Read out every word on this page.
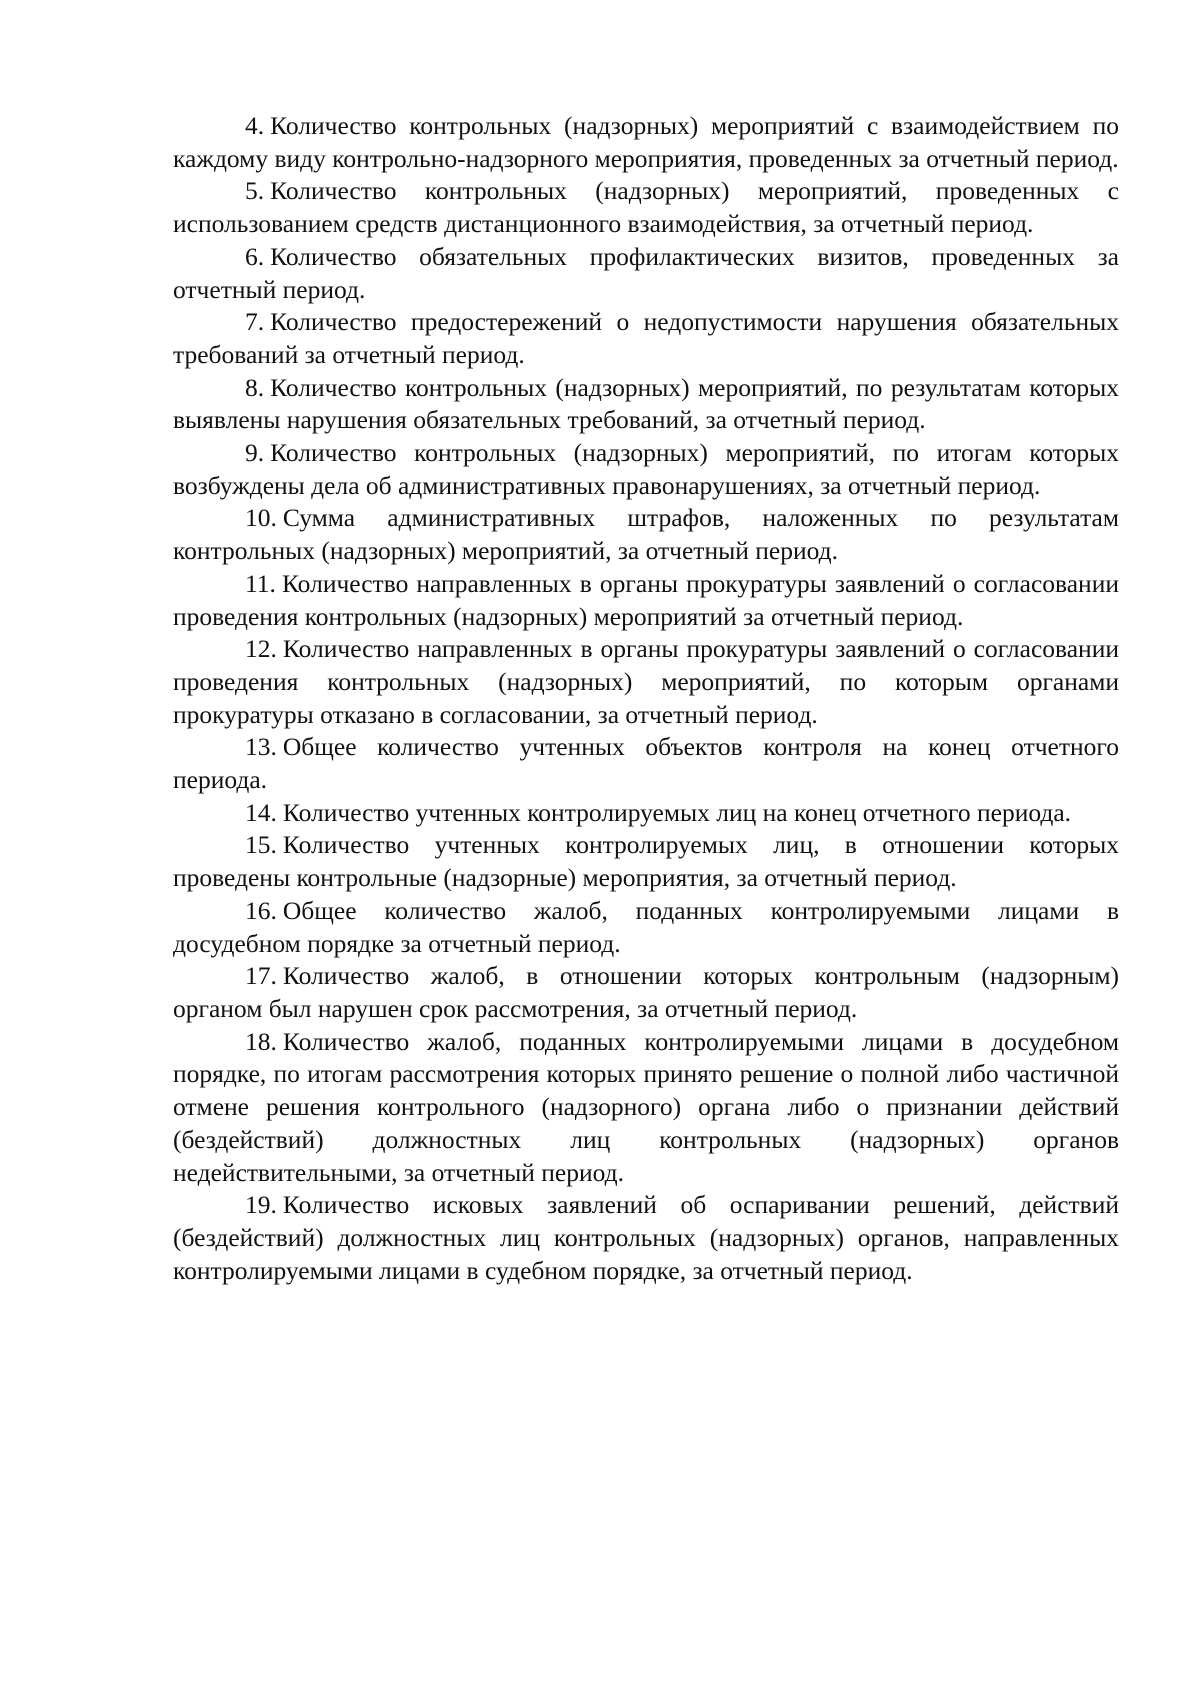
4. Количество контрольных (надзорных) мероприятий с взаимодействием по каждому виду контрольно-надзорного мероприятия, проведенных за отчетный период.

5. Количество контрольных (надзорных) мероприятий, проведенных с использованием средств дистанционного взаимодействия, за отчетный период.

6. Количество обязательных профилактических визитов, проведенных за отчетный период.

7. Количество предостережений о недопустимости нарушения обязательных требований за отчетный период.

8. Количество контрольных (надзорных) мероприятий, по результатам которых выявлены нарушения обязательных требований, за отчетный период.

9. Количество контрольных (надзорных) мероприятий, по итогам которых возбуждены дела об административных правонарушениях, за отчетный период.

10. Сумма административных штрафов, наложенных по результатам контрольных (надзорных) мероприятий, за отчетный период.

11. Количество направленных в органы прокуратуры заявлений о согласовании проведения контрольных (надзорных) мероприятий за отчетный период.

12. Количество направленных в органы прокуратуры заявлений о согласовании проведения контрольных (надзорных) мероприятий, по которым органами прокуратуры отказано в согласовании, за отчетный период.

13. Общее количество учтенных объектов контроля на конец отчетного периода.

14. Количество учтенных контролируемых лиц на конец отчетного периода.

15. Количество учтенных контролируемых лиц, в отношении которых проведены контрольные (надзорные) мероприятия, за отчетный период.

16. Общее количество жалоб, поданных контролируемыми лицами в досудебном порядке за отчетный период.

17. Количество жалоб, в отношении которых контрольным (надзорным) органом был нарушен срок рассмотрения, за отчетный период.

18. Количество жалоб, поданных контролируемыми лицами в досудебном порядке, по итогам рассмотрения которых принято решение о полной либо частичной отмене решения контрольного (надзорного) органа либо о признании действий (бездействий) должностных лиц контрольных (надзорных) органов недействительными, за отчетный период.

19. Количество исковых заявлений об оспаривании решений, действий (бездействий) должностных лиц контрольных (надзорных) органов, направленных контролируемыми лицами в судебном порядке, за отчетный период.
